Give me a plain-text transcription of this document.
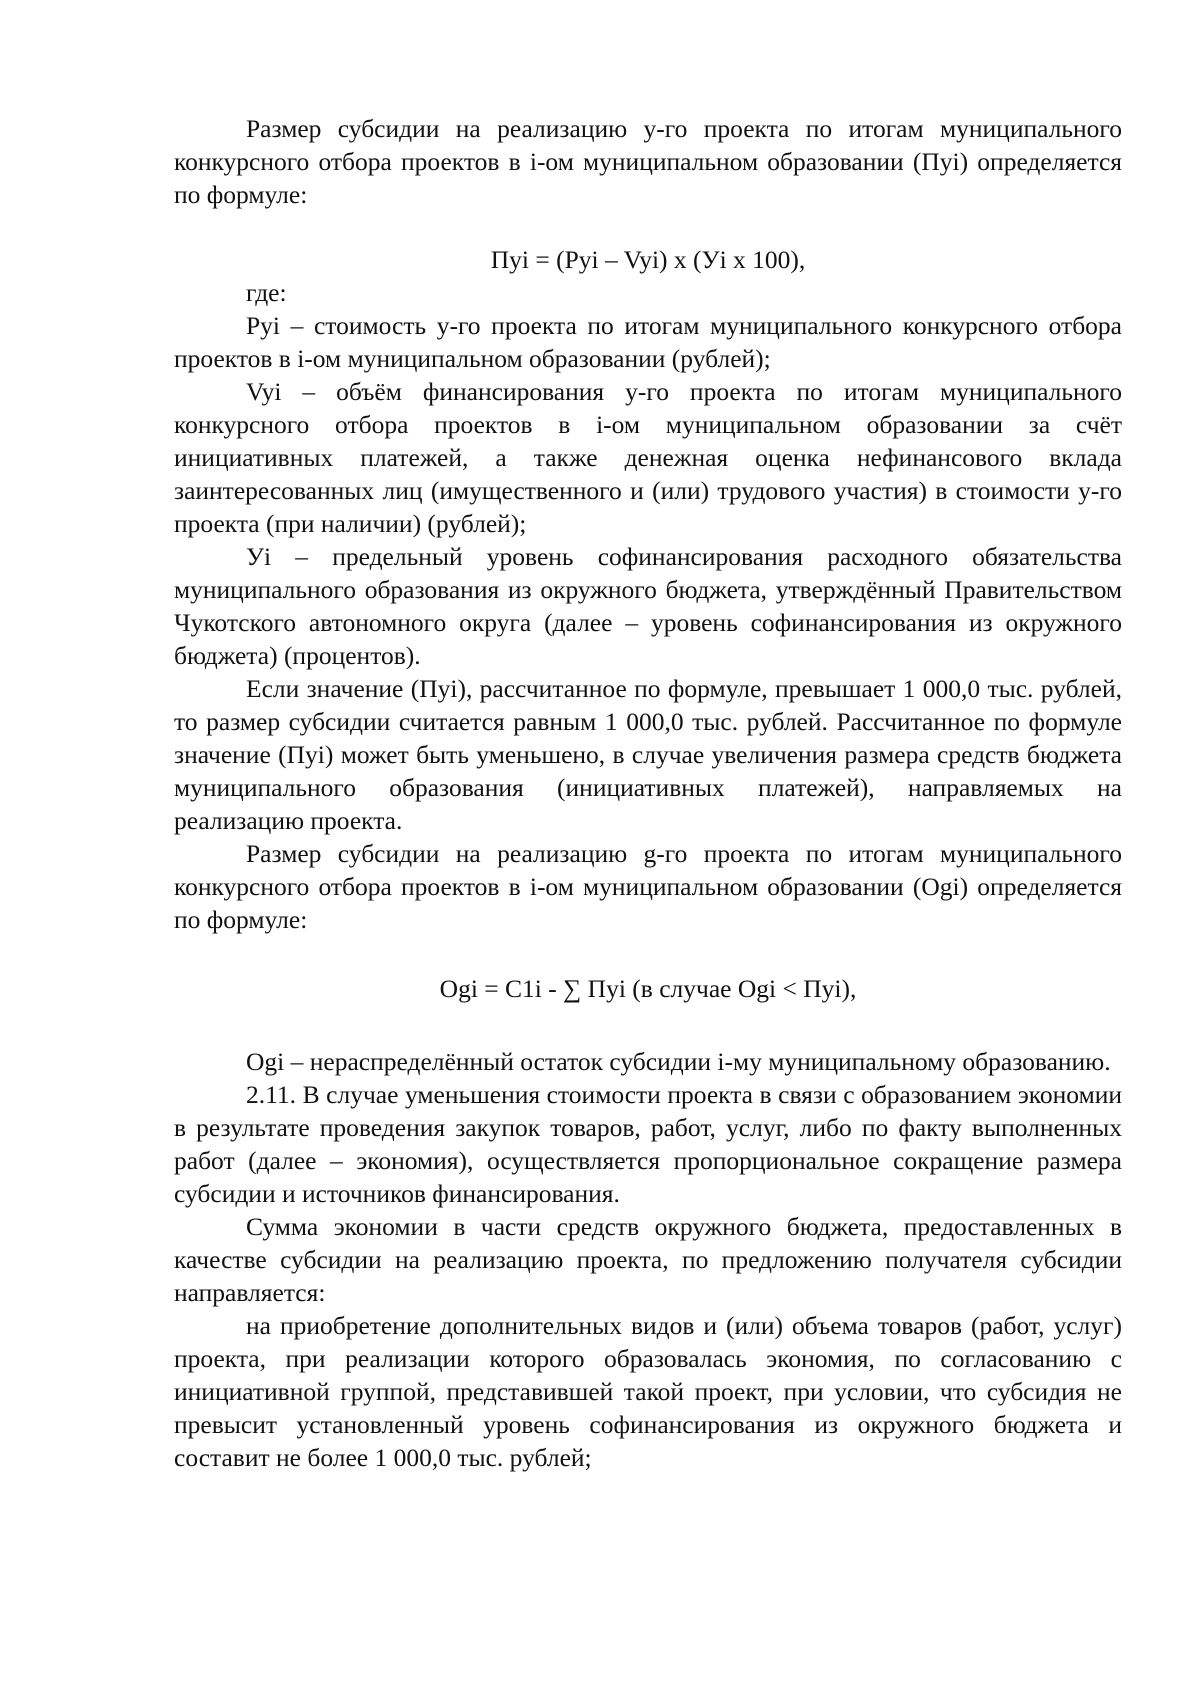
Размер субсидии на реализацию y-го проекта по итогам муниципального конкурсного отбора проектов в i-ом муниципальном образовании (Пyi) определяется по формуле:

Пyi = (Pyi – Vyi) x (Уi x 100),

где:

Pyi – стоимость y-го проекта по итогам муниципального конкурсного отбора проектов в i-ом муниципальном образовании (рублей);

Vyi – объём финансирования y-го проекта по итогам муниципального конкурсного отбора проектов в i-ом муниципальном образовании за счёт инициативных платежей, а также денежная оценка нефинансового вклада заинтересованных лиц (имущественного и (или) трудового участия) в стоимости y-го проекта (при наличии) (рублей);

Уi – предельный уровень софинансирования расходного обязательства муниципального образования из окружного бюджета, утверждённый Правительством Чукотского автономного округа (далее – уровень софинансирования из окружного бюджета) (процентов).

Если значение (Пyi), рассчитанное по формуле, превышает 1 000,0 тыс. рублей, то размер субсидии считается равным 1 000,0 тыс. рублей. Рассчитанное по формуле значение (Пyi) может быть уменьшено, в случае увеличения размера средств бюджета муниципального образования (инициативных платежей), направляемых на реализацию проекта.

Размер субсидии на реализацию g-го проекта по итогам муниципального конкурсного отбора проектов в i-ом муниципальном образовании (Ogi) определяется по формуле:

Ogi = C1i - ∑ Пyi (в случае Ogi < Пyi),

Ogi – нераспределённый остаток субсидии i-му муниципальному образованию.

2.11. В случае уменьшения стоимости проекта в связи с образованием экономии в результате проведения закупок товаров, работ, услуг, либо по факту выполненных работ (далее – экономия), осуществляется пропорциональное сокращение размера субсидии и источников финансирования.

Сумма экономии в части средств окружного бюджета, предоставленных в качестве субсидии на реализацию проекта, по предложению получателя субсидии направляется:

на приобретение дополнительных видов и (или) объема товаров (работ, услуг) проекта, при реализации которого образовалась экономия, по согласованию с инициативной группой, представившей такой проект, при условии, что субсидия не превысит установленный уровень софинансирования из окружного бюджета и составит не более 1 000,0 тыс. рублей;
